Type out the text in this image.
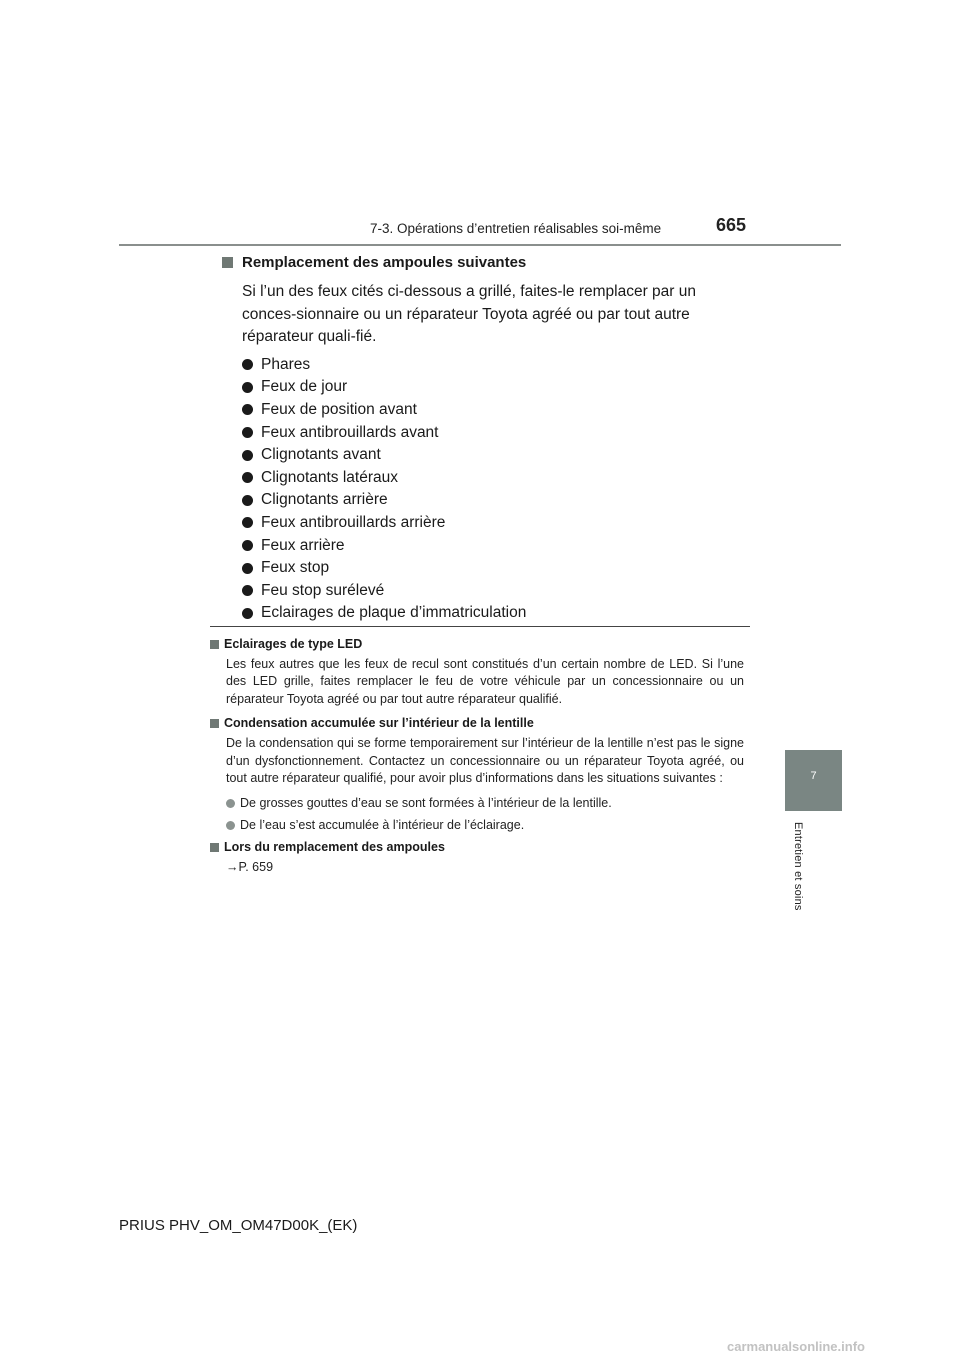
7-3. Opérations d’entretien réalisables soi-même	665
7
Entretien et soins
Remplacement des ampoules suivantes

Si l’un des feux cités ci-dessous a grillé, faites-le remplacer par un conces-sionnaire ou un réparateur Toyota agréé ou par tout autre réparateur quali-fié.

Phares
Feux de jour
Feux de position avant
Feux antibrouillards avant
Clignotants avant
Clignotants latéraux
Clignotants arrière
Feux antibrouillards arrière
Feux arrière
Feux stop
Feu stop surélevé
Eclairages de plaque d’immatriculation
Eclairages de type LED

Les feux autres que les feux de recul sont constitués d’un certain nombre de LED. Si l’une des LED grille, faites remplacer le feu de votre véhicule par un concessionnaire ou un réparateur Toyota agréé ou par tout autre réparateur qualifié.

Condensation accumulée sur l’intérieur de la lentille

De la condensation qui se forme temporairement sur l’intérieur de la lentille n’est pas le signe d’un dysfonctionnement. Contactez un concessionnaire ou un réparateur Toyota agréé, ou tout autre réparateur qualifié, pour avoir plus d’informations dans les situations suivantes :

De grosses gouttes d’eau se sont formées à l’intérieur de la lentille.
De l’eau s’est accumulée à l’intérieur de l’éclairage.
Lors du remplacement des ampoules
→P. 659
PRIUS PHV_OM_OM47D00K_(EK)
carmanualsonline.info
